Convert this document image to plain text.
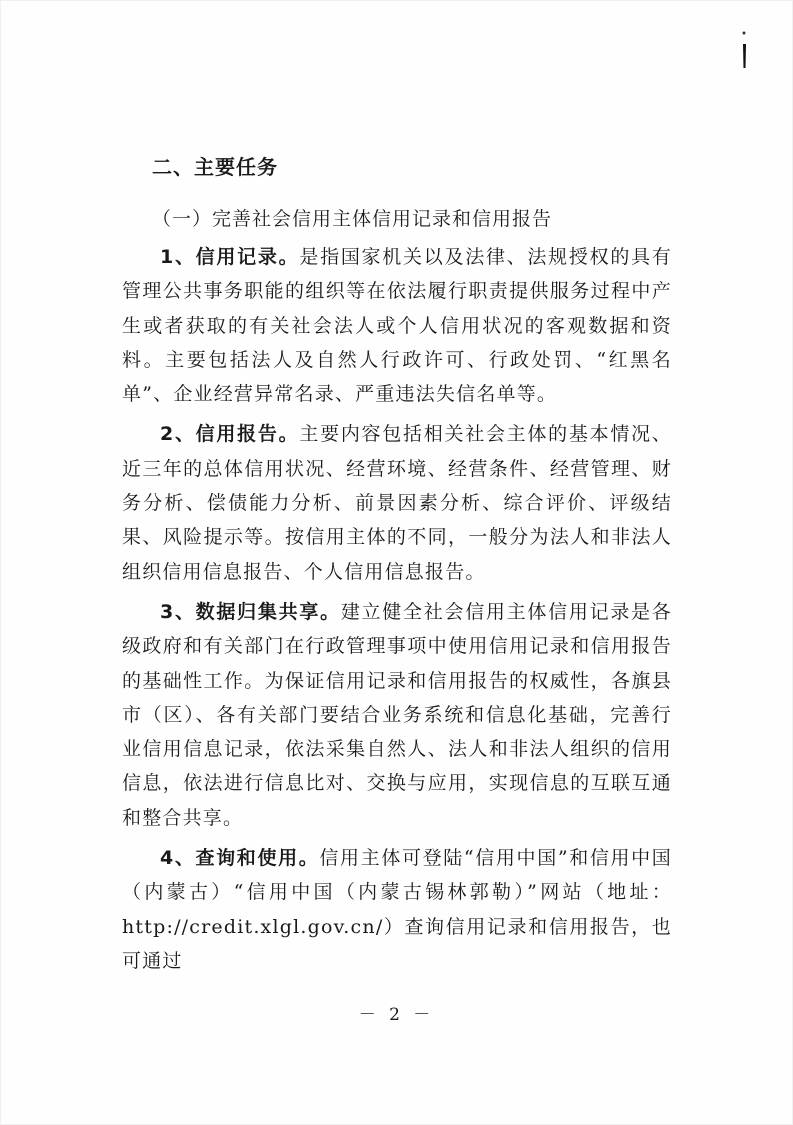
二、主要任务
（一）完善社会信用主体信用记录和信用报告

1、信用记录。是指国家机关以及法律、法规授权的具有管理公共事务职能的组织等在依法履行职责提供服务过程中产生或者获取的有关社会法人或个人信用状况的客观数据和资料。主要包括法人及自然人行政许可、行政处罚、“红黑名单”、企业经营异常名录、严重违法失信名单等。

2、信用报告。主要内容包括相关社会主体的基本情况、近三年的总体信用状况、经营环境、经营条件、经营管理、财务分析、偿债能力分析、前景因素分析、综合评价、评级结果、风险提示等。按信用主体的不同，一般分为法人和非法人组织信用信息报告、个人信用信息报告。

3、数据归集共享。建立健全社会信用主体信用记录是各级政府和有关部门在行政管理事项中使用信用记录和信用报告的基础性工作。为保证信用记录和信用报告的权威性，各旗县市（区）、各有关部门要结合业务系统和信息化基础，完善行业信用信息记录，依法采集自然人、法人和非法人组织的信用信息，依法进行信息比对、交换与应用，实现信息的互联互通和整合共享。

4、查询和使用。信用主体可登陆“信用中国”和信用中国（内蒙古）“信用中国（内蒙古锡林郭勒）”网站（地址：http://credit.xlgl.gov.cn/）查询信用记录和信用报告，也可通过

－ 2 －
